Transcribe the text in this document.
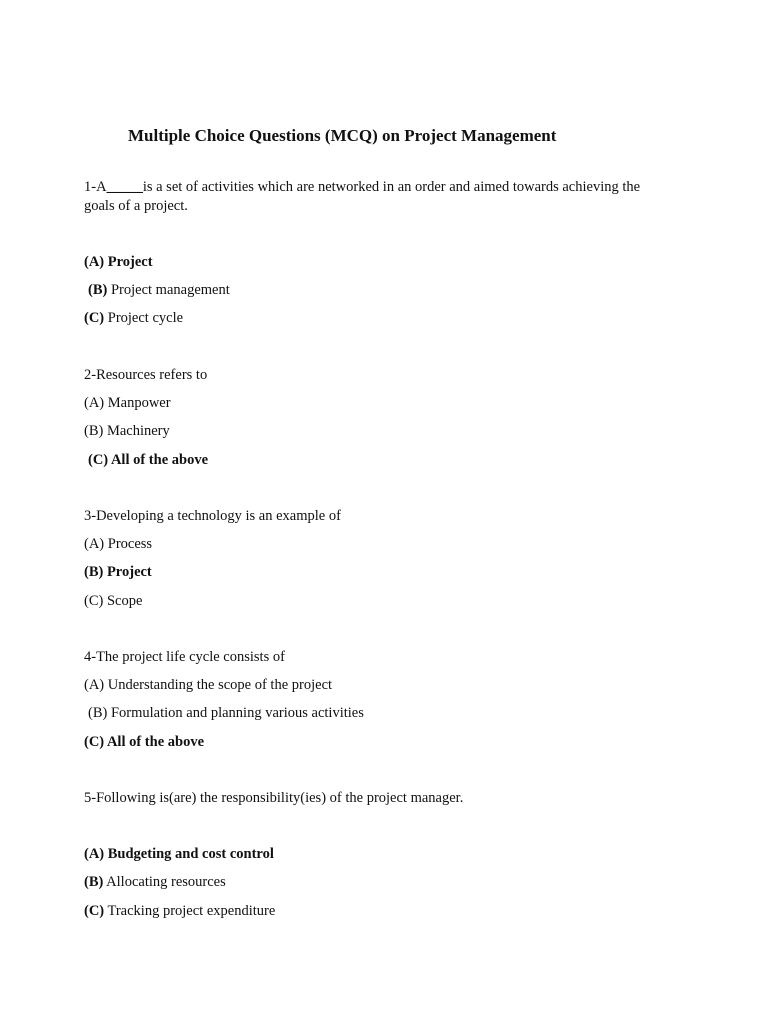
Multiple Choice Questions (MCQ) on Project Management
1-A_____is a set of activities which are networked in an order and aimed towards achieving the
goals of a project.
(A) Project
(B) Project management
(C) Project cycle
2-Resources refers to
(A) Manpower
(B) Machinery
(C) All of the above
3-Developing a technology is an example of
(A) Process
(B) Project
(C) Scope
4-The project life cycle consists of
(A) Understanding the scope of the project
(B) Formulation and planning various activities
(C) All of the above
5-Following is(are) the responsibility(ies) of the project manager.
(A) Budgeting and cost control
(B) Allocating resources
(C) Tracking project expenditure
